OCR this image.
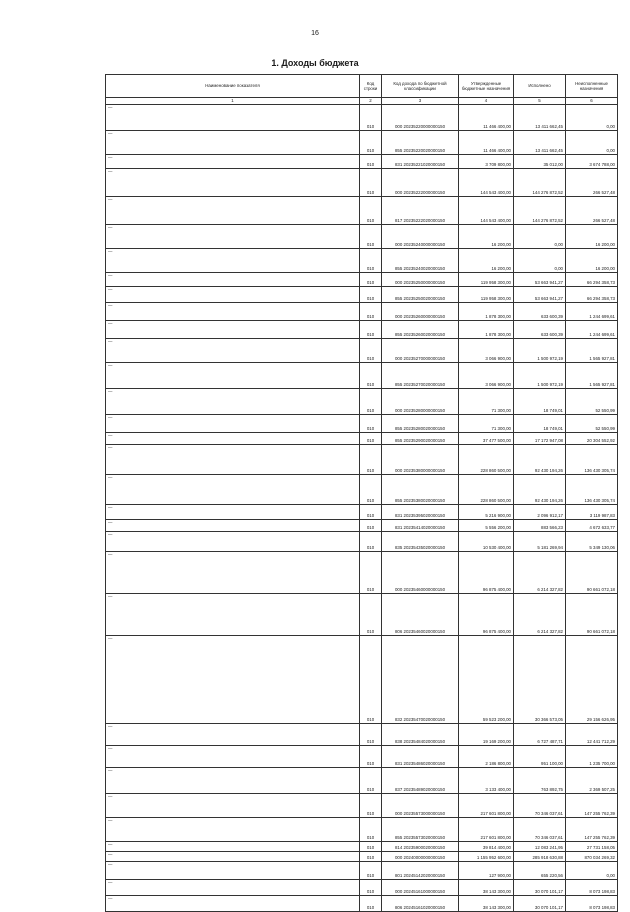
16
1. Доходы бюджета
Наименование показателя	Код строки	Код дохода по бюджетной классификации	Утвержденные бюджетные назначения	Исполнено	Неисполненные назначения
1	2	3	4	5	6
—	010	000 20235220000000150	11 466 400,00	13 411 662,45	0,00
—	010	855 20235220020000150	11 466 400,00	13 411 662,45	0,00
—	010	831 20235221020000150	3 709 800,00	35 012,00	3 674 788,00
—	010	000 20235222000000150	144 543 400,00	144 276 872,52	266 527,48
—	010	817 20235222020000150	144 543 400,00	144 276 872,52	266 527,48
—	010	000 20235240000000150	16 200,00	0,00	16 200,00
—	010	855 20235240020000150	16 200,00	0,00	16 200,00
—	010	000 20235250000000150	119 958 300,00	53 663 941,27	66 294 358,73
—	010	855 20235250020000150	119 958 300,00	53 663 941,27	66 294 358,73
—	010	000 20235260000000150	1 878 300,00	633 600,39	1 244 699,61
—	010	855 20235260020000150	1 878 300,00	633 600,39	1 244 699,61
—	010	000 20235270000000150	3 066 900,00	1 500 972,19	1 565 927,81
—	010	855 20235270020000150	3 066 900,00	1 500 972,19	1 565 927,81
—	010	000 20235280000000150	71 300,00	18 749,01	52 550,99
—	010	855 20235280020000150	71 300,00	18 749,01	52 550,99
—	010	855 20235290020000150	37 477 500,00	17 172 947,08	20 304 552,92
—	010	000 20235380000000150	228 860 500,00	92 430 194,26	136 430 305,74
—	010	855 20235380020000150	228 860 500,00	92 430 194,26	136 430 305,74
—	010	831 20235395020000150	5 216 900,00	2 096 912,17	3 119 987,83
—	010	831 20235414020000150	5 556 200,00	883 566,23	4 672 633,77
—	010	835 20235435020000150	10 530 400,00	5 181 269,94	5 349 130,06
—	010	000 20235460000000150	96 875 400,00	6 214 327,82	90 661 072,18
—	010	806 20235460020000150	96 875 400,00	6 214 327,82	90 661 072,18
—	010	832 20235470020000150	59 523 200,00	30 366 573,05	29 156 626,95
—	010	838 20235484020000150	19 169 200,00	6 727 487,71	12 441 712,29
—	010	831 20235486020000150	2 186 800,00	951 100,00	1 235 700,00
—	010	837 20235489020000150	3 133 400,00	763 892,75	2 369 507,25
—	010	000 20235573000000150	217 601 800,00	70 346 037,61	147 255 762,39
—	010	855 20235573020000150	217 601 800,00	70 346 037,61	147 255 762,39
—	010	814 20235900020000150	39 814 400,00	12 083 241,95	27 731 158,05
—	010	000 20240000000000150	1 155 952 600,00	285 918 630,88	870 034 269,32
—	010	801 20245142020000150	127 900,00	655 220,56	0,00
—	010	000 20245161000000150	38 143 300,00	30 070 101,17	8 073 198,83
—	010	806 20245161020000150	38 143 300,00	30 070 101,17	8 073 198,83
